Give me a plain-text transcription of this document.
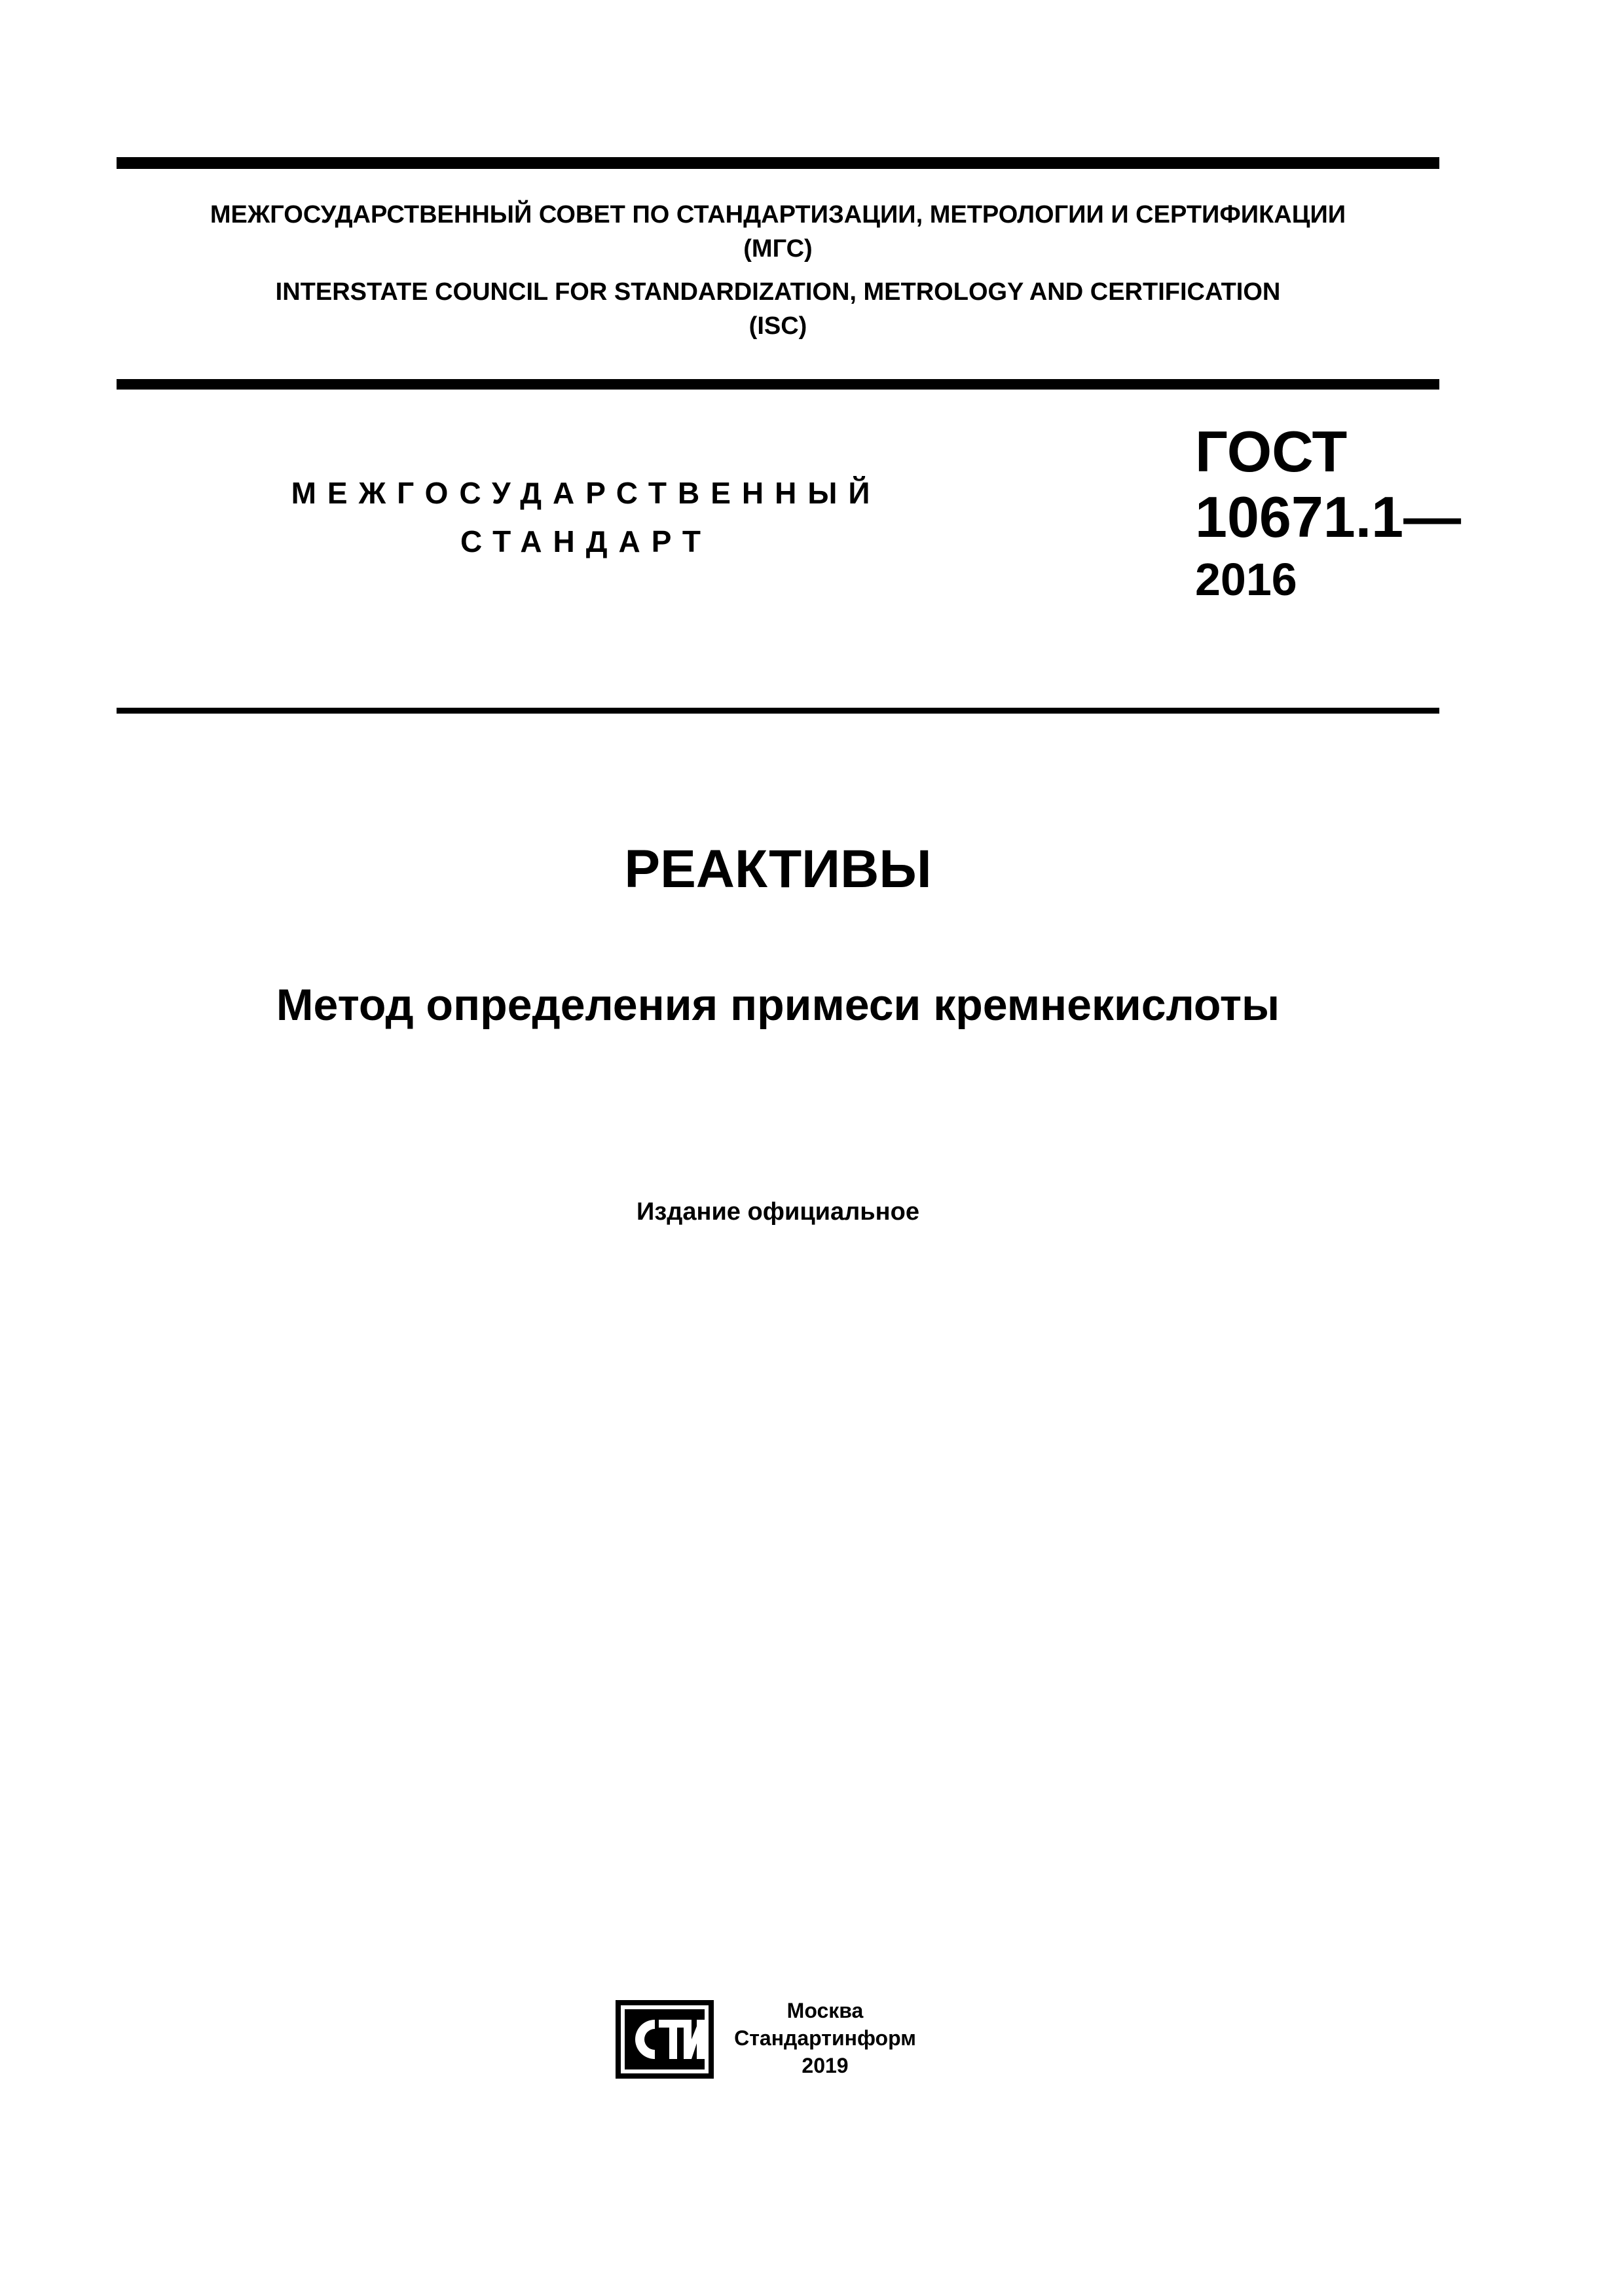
МЕЖГОСУДАРСТВЕННЫЙ СОВЕТ ПО СТАНДАРТИЗАЦИИ, МЕТРОЛОГИИ И СЕРТИФИКАЦИИ
(МГС)
INTERSTATE COUNCIL FOR STANDARDIZATION, METROLOGY AND CERTIFICATION
(ISC)
МЕЖГОСУДАРСТВЕННЫЙ
СТАНДАРТ
ГОСТ
10671.1—
2016
РЕАКТИВЫ
Метод определения примеси кремнекислоты
Издание официальное
Москва
Стандартинформ
2019
